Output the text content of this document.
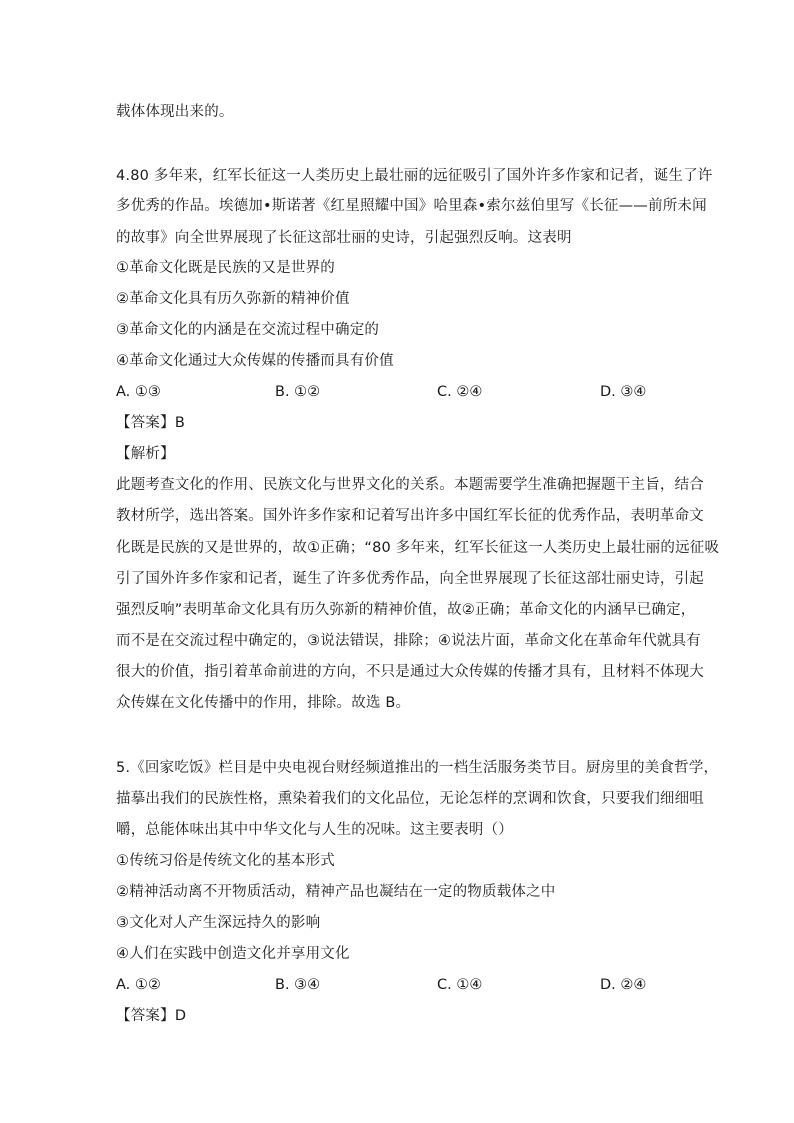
载体体现出来的。
4.80 多年来，红军长征这一人类历史上最壮丽的远征吸引了国外许多作家和记者，诞生了许
多优秀的作品。埃德加•斯诺著《红星照耀中国》哈里森•索尔兹伯里写《长征——前所未闻
的故事》向全世界展现了长征这部壮丽的史诗，引起强烈反响。这表明
①革命文化既是民族的又是世界的
②革命文化具有历久弥新的精神价值
③革命文化的内涵是在交流过程中确定的
④革命文化通过大众传媒的传播而具有价值
A. ①③	B. ①②	C. ②④	D. ③④
【答案】B
【解析】
此题考查文化的作用、民族文化与世界文化的关系。本题需要学生准确把握题干主旨，结合
教材所学，选出答案。国外许多作家和记着写出许多中国红军长征的优秀作品，表明革命文
化既是民族的又是世界的，故①正确；“80 多年来，红军长征这一人类历史上最壮丽的远征吸
引了国外许多作家和记者，诞生了许多优秀作品，向全世界展现了长征这部壮丽史诗，引起
强烈反响”表明革命文化具有历久弥新的精神价值，故②正确；革命文化的内涵早已确定，
而不是在交流过程中确定的，③说法错误，排除；④说法片面，革命文化在革命年代就具有
很大的价值，指引着革命前进的方向，不只是通过大众传媒的传播才具有，且材料不体现大
众传媒在文化传播中的作用，排除。故选 B。
5.《回家吃饭》栏目是中央电视台财经频道推出的一档生活服务类节目。厨房里的美食哲学，
描摹出我们的民族性格，熏染着我们的文化品位，无论怎样的烹调和饮食，只要我们细细咀
嚼，总能体味出其中中华文化与人生的况味。这主要表明（）
①传统习俗是传统文化的基本形式
②精神活动离不开物质活动，精神产品也凝结在一定的物质载体之中
③文化对人产生深远持久的影响
④人们在实践中创造文化并享用文化
A. ①②	B. ③④	C. ①④	D. ②④
【答案】D
